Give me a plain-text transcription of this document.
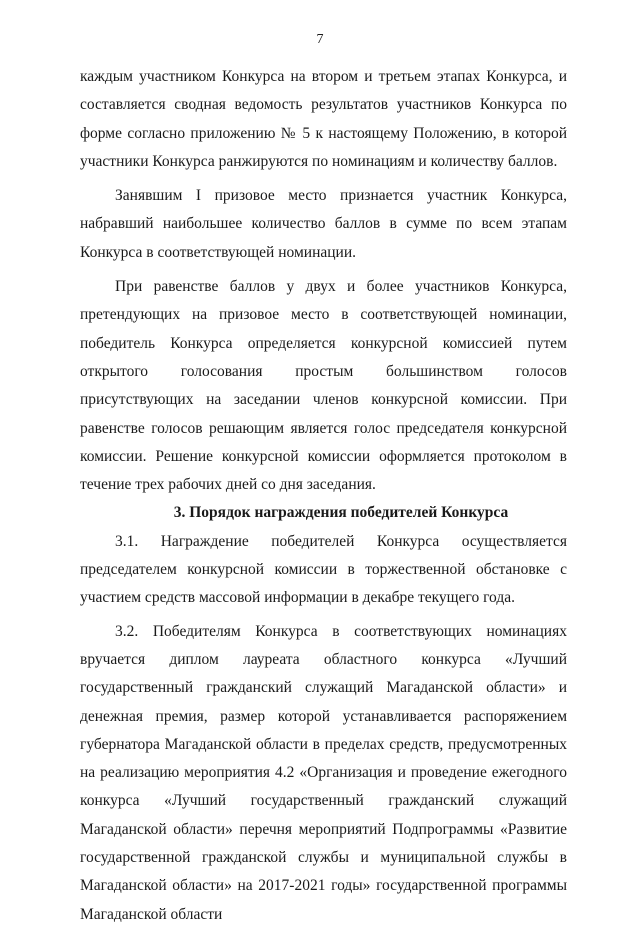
7

каждым участником Конкурса на втором и третьем этапах Конкурса, и составляется сводная ведомость результатов участников Конкурса по форме согласно приложению № 5 к настоящему Положению, в которой участники Конкурса ранжируются по номинациям и количеству баллов.

Занявшим I призовое место признается участник Конкурса, набравший наибольшее количество баллов в сумме по всем этапам Конкурса в соответствующей номинации.

При равенстве баллов у двух и более участников Конкурса, претендующих на призовое место в соответствующей номинации, победитель Конкурса определяется конкурсной комиссией путем открытого голосования простым большинством голосов присутствующих на заседании членов конкурсной комиссии. При равенстве голосов решающим является голос председателя конкурсной комиссии. Решение конкурсной комиссии оформляется протоколом в течение трех рабочих дней со дня заседания.

3. Порядок награждения победителей Конкурса

3.1. Награждение победителей Конкурса осуществляется председателем конкурсной комиссии в торжественной обстановке с участием средств массовой информации в декабре текущего года.

3.2. Победителям Конкурса в соответствующих номинациях вручается диплом лауреата областного конкурса «Лучший государственный гражданский служащий Магаданской области» и денежная премия, размер которой устанавливается распоряжением губернатора Магаданской области в пределах средств, предусмотренных на реализацию мероприятия 4.2 «Организация и проведение ежегодного конкурса «Лучший государственный гражданский служащий Магаданской области» перечня мероприятий Подпрограммы «Развитие государственной гражданской службы и муниципальной службы в Магаданской области» на 2017-2021 годы» государственной программы Магаданской области
